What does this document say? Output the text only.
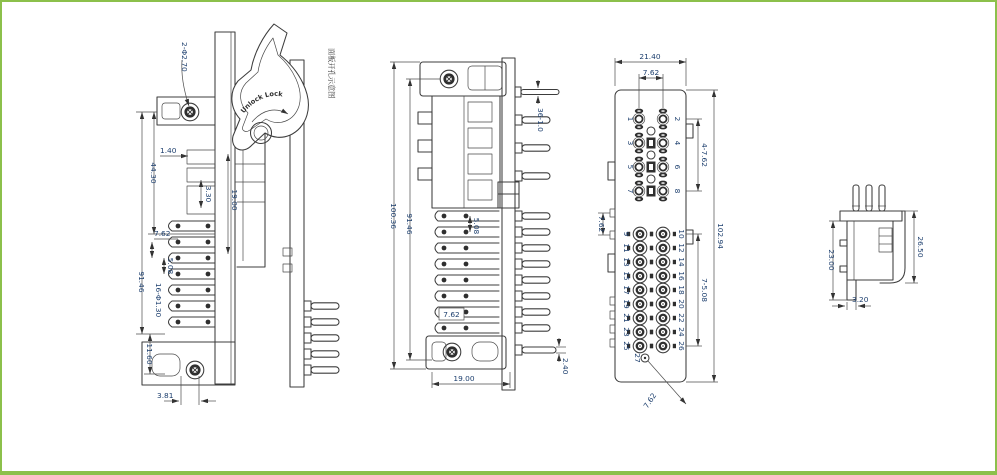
Unlock Lock	面板开孔示意图
2-Φ2.70
91.46
44.30
11.60
16-Φ1.30
1.40
3.30 19.00
7.62
5.08
3.81
100.36 91.46	5.08
7.62
19.00
2.40
36-1.0	1	2
3	4
5	6
7	8
9	10
11	12
13	14
15	16
17	18
19	20
21	22
23	24
25	26
27
7.62
21.40
7.62
4-7.62
7-5.08
102.94
7.62
23.00
26.50
3.20
